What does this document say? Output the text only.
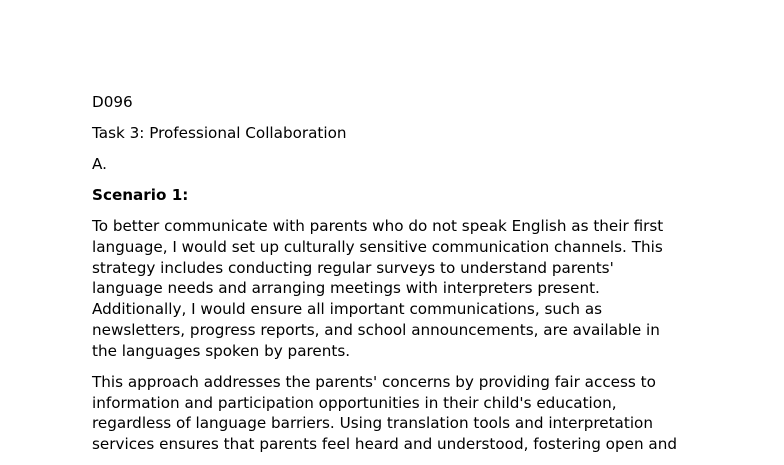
D096

Task 3: Professional Collaboration

A.

Scenario 1:

To better communicate with parents who do not speak English as their first
language, I would set up culturally sensitive communication channels. This
strategy includes conducting regular surveys to understand parents'
language needs and arranging meetings with interpreters present.
Additionally, I would ensure all important communications, such as
newsletters, progress reports, and school announcements, are available in
the languages spoken by parents.

This approach addresses the parents' concerns by providing fair access to
information and participation opportunities in their child's education,
regardless of language barriers. Using translation tools and interpretation
services ensures that parents feel heard and understood, fostering open and
